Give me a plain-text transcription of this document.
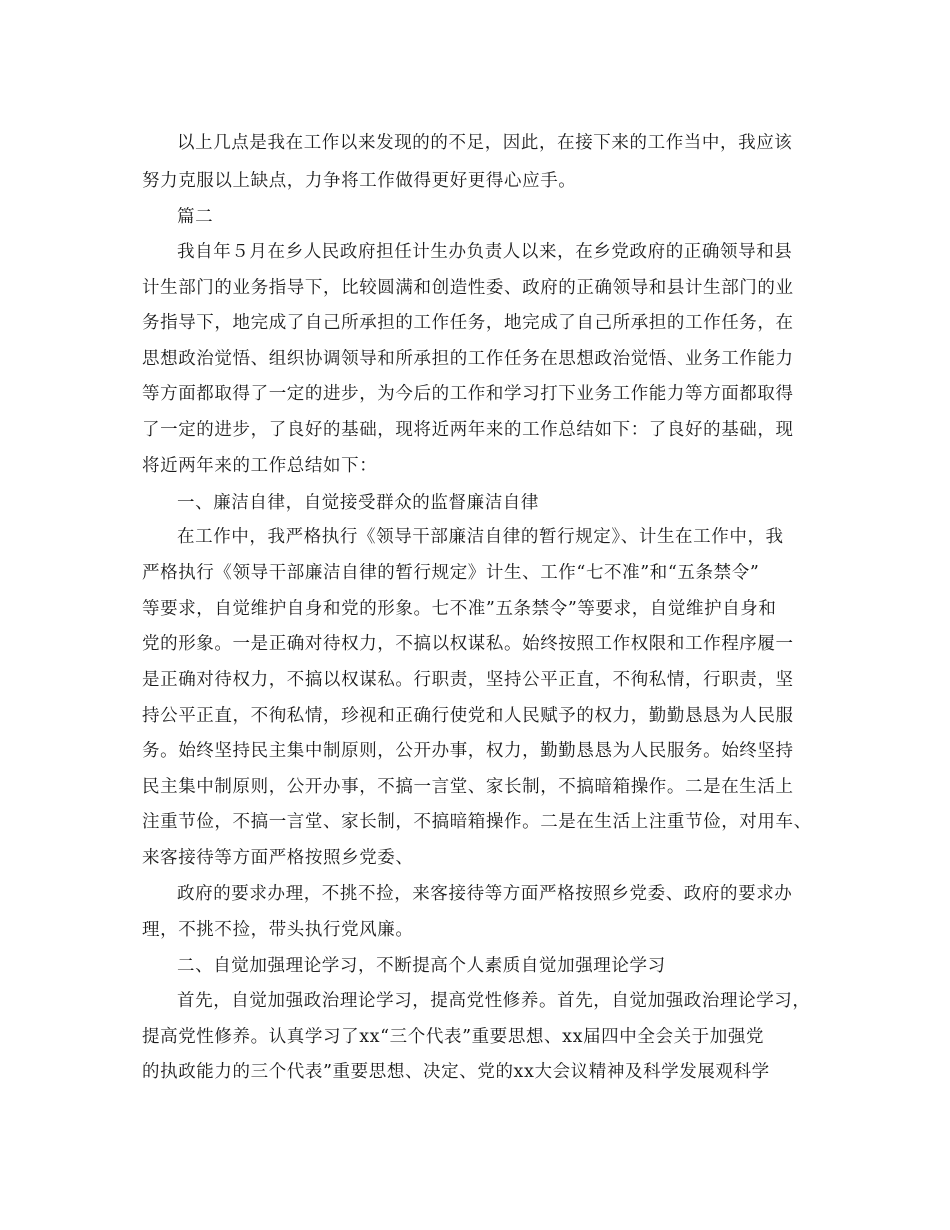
以上几点是我在工作以来发现的的不足，因此，在接下来的工作当中，我应该
努力克服以上缺点，力争将工作做得更好更得心应手。
篇二
我自年５月在乡人民政府担任计生办负责人以来，在乡党政府的正确领导和县
计生部门的业务指导下，比较圆满和创造性委、政府的正确领导和县计生部门的业
务指导下，地完成了自己所承担的工作任务，地完成了自己所承担的工作任务，在
思想政治觉悟、组织协调领导和所承担的工作任务在思想政治觉悟、业务工作能力
等方面都取得了一定的进步，为今后的工作和学习打下业务工作能力等方面都取得
了一定的进步，了良好的基础，现将近两年来的工作总结如下：了良好的基础，现
将近两年来的工作总结如下：
一、廉洁自律，自觉接受群众的监督廉洁自律
在工作中，我严格执行《领导干部廉洁自律的暂行规定》、计生在工作中，我
严格执行《领导干部廉洁自律的暂行规定》计生、工作“七不准”和“五条禁令”
等要求，自觉维护自身和党的形象。七不准”五条禁令”等要求，自觉维护自身和
党的形象。一是正确对待权力，不搞以权谋私。始终按照工作权限和工作程序履一
是正确对待权力，不搞以权谋私。行职责，坚持公平正直，不徇私情，行职责，坚
持公平正直，不徇私情，珍视和正确行使党和人民赋予的权力，勤勤恳恳为人民服
务。始终坚持民主集中制原则，公开办事，权力，勤勤恳恳为人民服务。始终坚持
民主集中制原则，公开办事，不搞一言堂、家长制，不搞暗箱操作。二是在生活上
注重节俭，不搞一言堂、家长制，不搞暗箱操作。二是在生活上注重节俭，对用车、
来客接待等方面严格按照乡党委、
政府的要求办理，不挑不捡，来客接待等方面严格按照乡党委、政府的要求办
理，不挑不捡，带头执行党风廉。
二、自觉加强理论学习，不断提高个人素质自觉加强理论学习
首先，自觉加强政治理论学习，提高党性修养。首先，自觉加强政治理论学习，
提高党性修养。认真学习了xx“三个代表”重要思想、xx届四中全会关于加强党
的执政能力的三个代表”重要思想、决定、党的xx大会议精神及科学发展观科学
